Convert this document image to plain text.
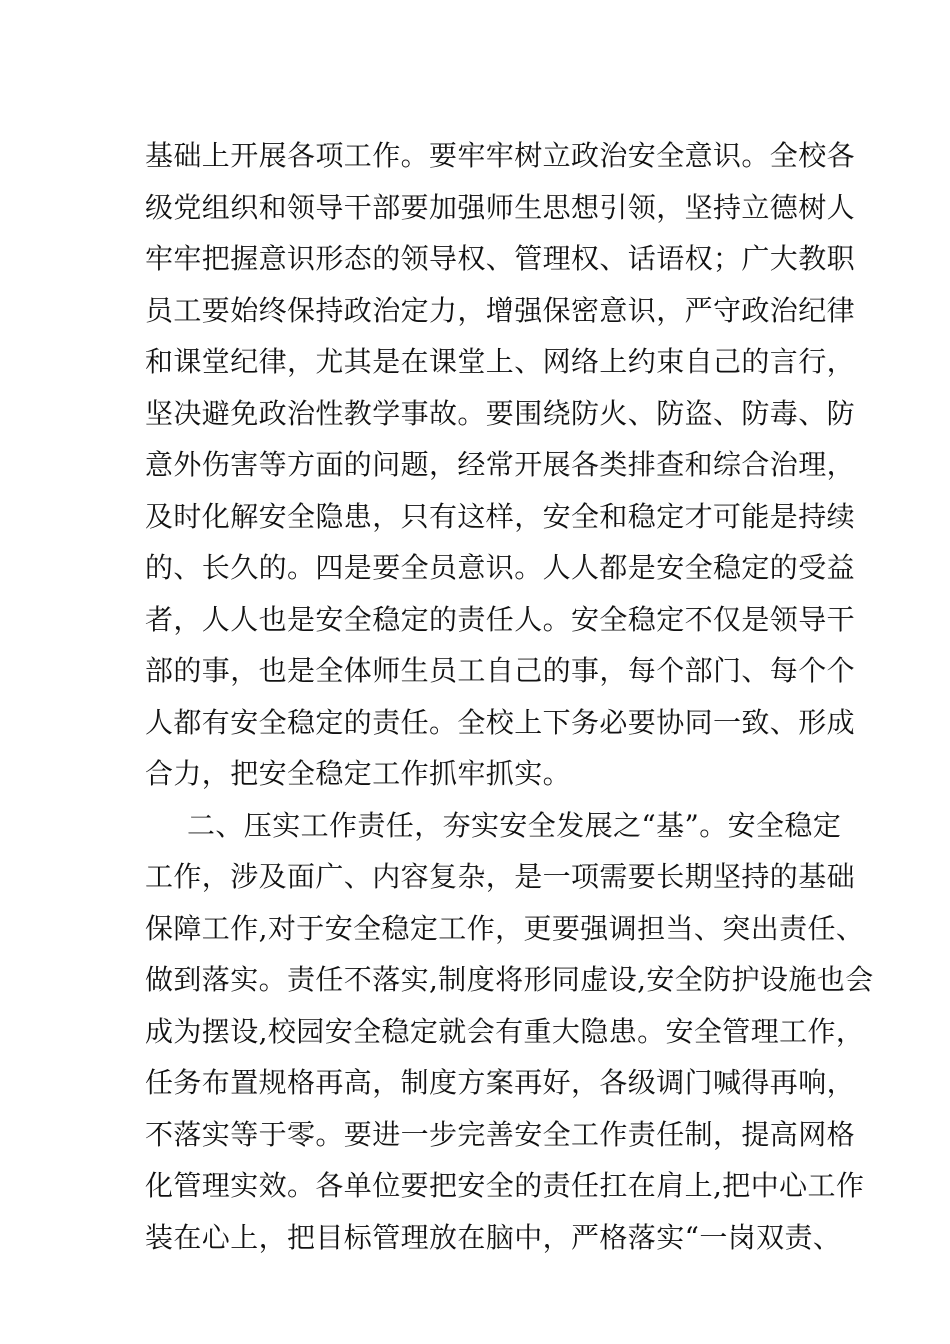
基础上开展各项工作。要牢牢树立政治安全意识。全校各
级党组织和领导干部要加强师生思想引领，坚持立德树人
牢牢把握意识形态的领导权、管理权、话语权；广大教职
员工要始终保持政治定力，增强保密意识，严守政治纪律
和课堂纪律，尤其是在课堂上、网络上约束自己的言行，
坚决避免政治性教学事故。要围绕防火、防盗、防毒、防
意外伤害等方面的问题，经常开展各类排查和综合治理，
及时化解安全隐患，只有这样，安全和稳定才可能是持续
的、长久的。四是要全员意识。人人都是安全稳定的受益
者，人人也是安全稳定的责任人。安全稳定不仅是领导干
部的事，也是全体师生员工自己的事，每个部门、每个个
人都有安全稳定的责任。全校上下务必要协同一致、形成
合力，把安全稳定工作抓牢抓实。
二、压实工作责任，夯实安全发展之“基”。安全稳定
工作，涉及面广、内容复杂，是一项需要长期坚持的基础
保障工作,对于安全稳定工作，更要强调担当、突出责任、
做到落实。责任不落实,制度将形同虚设,安全防护设施也会
成为摆设,校园安全稳定就会有重大隐患。安全管理工作，
任务布置规格再高，制度方案再好，各级调门喊得再响，
不落实等于零。要进一步完善安全工作责任制，提高网格
化管理实效。各单位要把安全的责任扛在肩上,把中心工作
装在心上，把目标管理放在脑中，严格落实“一岗双责、
